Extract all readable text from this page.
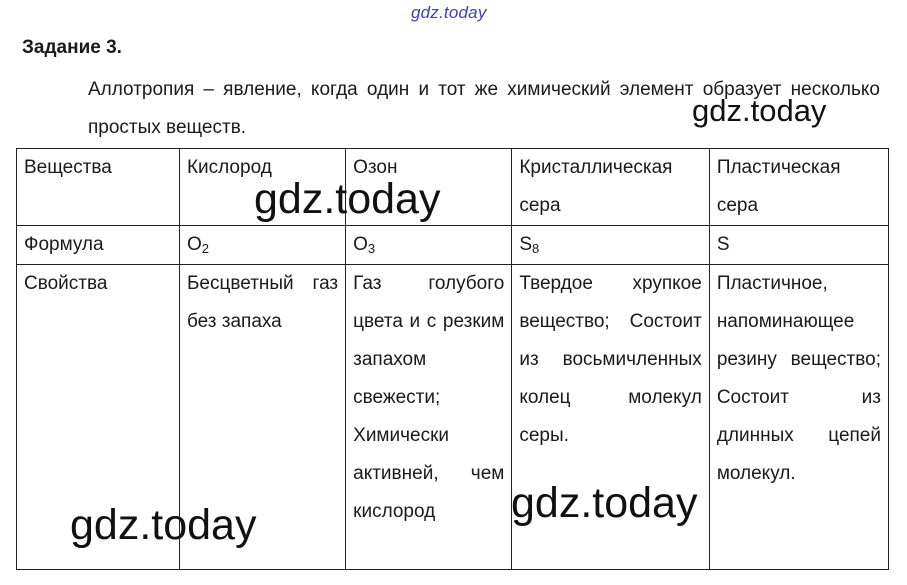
gdz.today
Задание 3.
Аллотропия – явление, когда один и тот же химический элемент образует несколько простых веществ.
Вещества	Кислород	Озон	Кристаллическая сера	Пластическая сера
Формула	$O_2$	$O_3$	$S_8$	S
Свойства	Бесцветный газ без запаха	Газ голубого цвета и с резким запахом свежести; Химически активней, чем кислород	Твердое хрупкое вещество; Состоит из восьмичленных колец молекул серы.	Пластичное, напоминающее резину вещество; Состоит из длинных цепей молекул.
gdz.today
gdz.today
gdz.today	gdz.today
